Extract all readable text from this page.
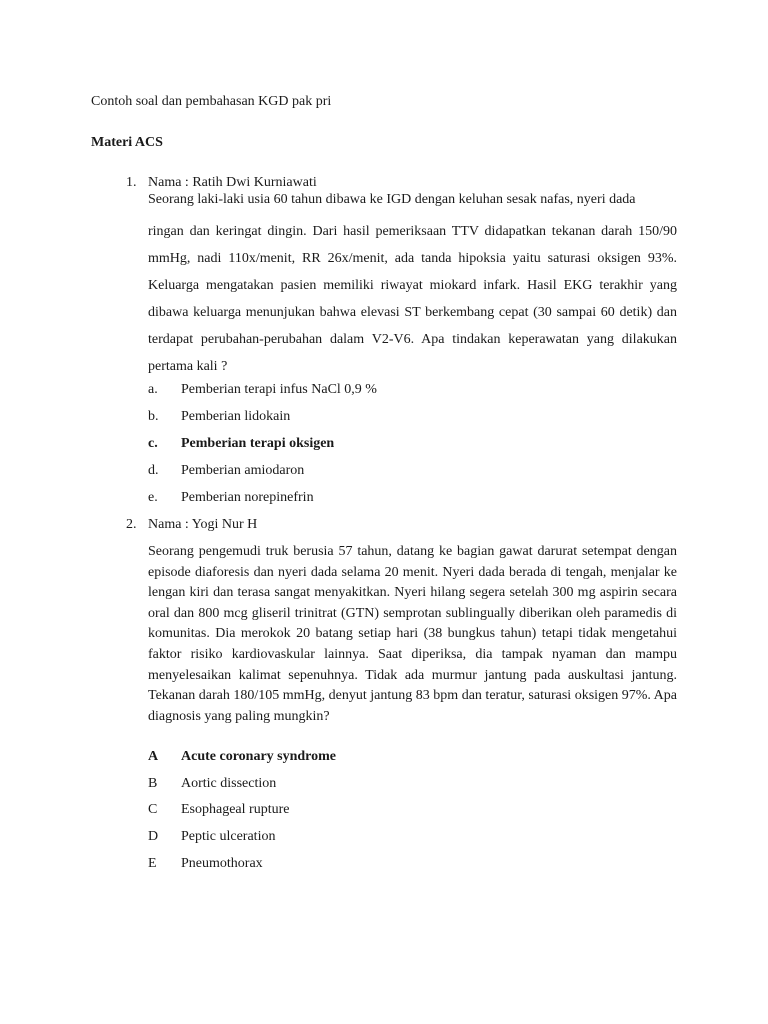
Contoh soal dan pembahasan KGD pak pri
Materi ACS
1. Nama : Ratih Dwi Kurniawati
Seorang laki-laki usia 60 tahun dibawa ke IGD dengan keluhan sesak nafas, nyeri dada
ringan dan keringat dingin. Dari hasil pemeriksaan TTV didapatkan tekanan darah 150/90 mmHg, nadi 110x/menit, RR 26x/menit, ada tanda hipoksia yaitu saturasi oksigen 93%. Keluarga mengatakan pasien memiliki riwayat miokard infark. Hasil EKG terakhir yang dibawa keluarga menunjukan bahwa elevasi ST berkembang cepat (30 sampai 60 detik) dan terdapat perubahan-perubahan dalam V2-V6. Apa tindakan keperawatan yang dilakukan pertama kali ?
a. Pemberian terapi infus NaCl 0,9 %
b. Pemberian lidokain
c. Pemberian terapi oksigen
d. Pemberian amiodaron
e. Pemberian norepinefrin
2. Nama : Yogi Nur H
Seorang pengemudi truk berusia 57 tahun, datang ke bagian gawat darurat setempat dengan episode diaforesis dan nyeri dada selama 20 menit. Nyeri dada berada di tengah, menjalar ke lengan kiri dan terasa sangat menyakitkan. Nyeri hilang segera setelah 300 mg aspirin secara oral dan 800 mcg gliseril trinitrat (GTN) semprotan sublingually diberikan oleh paramedis di komunitas. Dia merokok 20 batang setiap hari (38 bungkus tahun) tetapi tidak mengetahui faktor risiko kardiovaskular lainnya. Saat diperiksa, dia tampak nyaman dan mampu menyelesaikan kalimat sepenuhnya. Tidak ada murmur jantung pada auskultasi jantung. Tekanan darah 180/105 mmHg, denyut jantung 83 bpm dan teratur, saturasi oksigen 97%. Apa diagnosis yang paling mungkin?
A Acute coronary syndrome
B Aortic dissection
C Esophageal rupture
D Peptic ulceration
E Pneumothorax
